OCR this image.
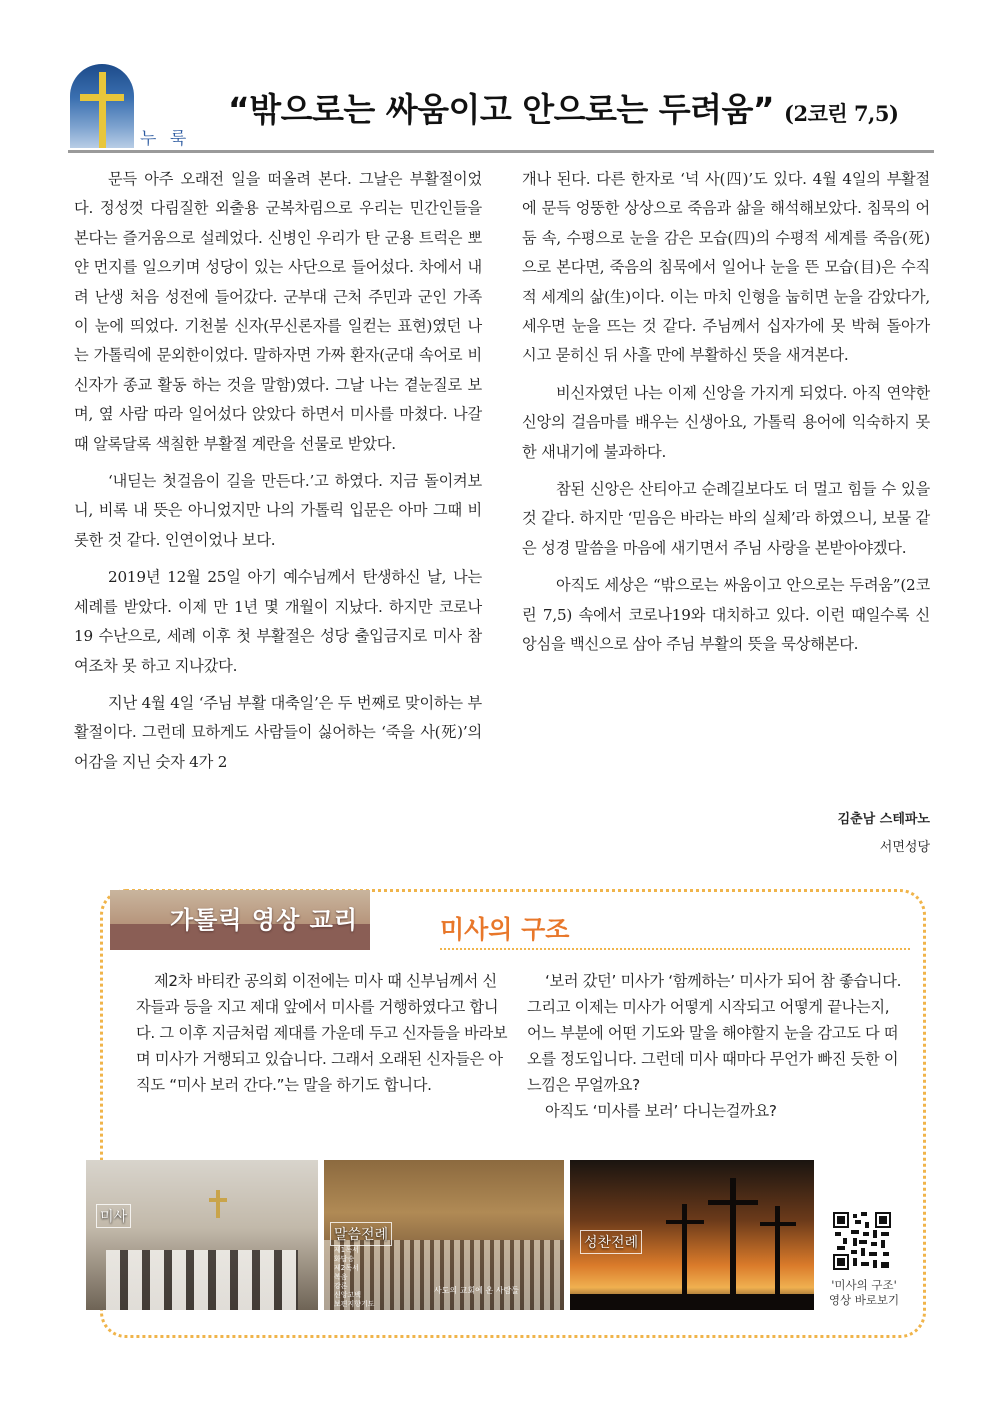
누 룩
“밖으로는 싸움이고 안으로는 두려움” (2코린 7,5)

문득 아주 오래전 일을 떠올려 본다. 그날은 부활절이었다. 정성껏 다림질한 외출용 군복차림으로 우리는 민간인들을 본다는 즐거움으로 설레었다. 신병인 우리가 탄 군용 트럭은 뽀얀 먼지를 일으키며 성당이 있는 사단으로 들어섰다. 차에서 내려 난생 처음 성전에 들어갔다. 군부대 근처 주민과 군인 가족이 눈에 띄었다. 기천불 신자(무신론자를 일컫는 표현)였던 나는 가톨릭에 문외한이었다. 말하자면 가짜 환자(군대 속어로 비신자가 종교 활동 하는 것을 말함)였다. 그날 나는 곁눈질로 보며, 옆 사람 따라 일어섰다 앉았다 하면서 미사를 마쳤다. 나갈 때 알록달록 색칠한 부활절 계란을 선물로 받았다.

‘내딛는 첫걸음이 길을 만든다.’고 하였다. 지금 돌이켜보니, 비록 내 뜻은 아니었지만 나의 가톨릭 입문은 아마 그때 비롯한 것 같다. 인연이었나 보다.

2019년 12월 25일 아기 예수님께서 탄생하신 날, 나는 세례를 받았다. 이제 만 1년 몇 개월이 지났다. 하지만 코로나19 수난으로, 세례 이후 첫 부활절은 성당 출입금지로 미사 참여조차 못 하고 지나갔다.

지난 4월 4일 ‘주님 부활 대축일’은 두 번째로 맞이하는 부활절이다. 그런데 묘하게도 사람들이 싫어하는 ‘죽을 사(死)’의 어감을 지닌 숫자 4가 2

개나 된다. 다른 한자로 ‘넉 사(四)’도 있다. 4월 4일의 부활절에 문득 엉뚱한 상상으로 죽음과 삶을 해석해보았다. 침묵의 어둠 속, 수평으로 눈을 감은 모습(四)의 수평적 세계를 죽음(死)으로 본다면, 죽음의 침묵에서 일어나 눈을 뜬 모습(目)은 수직적 세계의 삶(生)이다. 이는 마치 인형을 눕히면 눈을 감았다가, 세우면 눈을 뜨는 것 같다. 주님께서 십자가에 못 박혀 돌아가시고 묻히신 뒤 사흘 만에 부활하신 뜻을 새겨본다.

비신자였던 나는 이제 신앙을 가지게 되었다. 아직 연약한 신앙의 걸음마를 배우는 신생아요, 가톨릭 용어에 익숙하지 못한 새내기에 불과하다.

참된 신앙은 산티아고 순례길보다도 더 멀고 힘들 수 있을 것 같다. 하지만 ‘믿음은 바라는 바의 실체’라 하였으니, 보물 같은 성경 말씀을 마음에 새기면서 주님 사랑을 본받아야겠다.

아직도 세상은 “밖으로는 싸움이고 안으로는 두려움”(2코린 7,5) 속에서 코로나19와 대치하고 있다. 이런 때일수록 신앙심을 백신으로 삼아 주님 부활의 뜻을 묵상해본다.

김춘남 스테파노
서면성당
가톨릭 영상 교리	미사의 구조

제2차 바티칸 공의회 이전에는 미사 때 신부님께서 신자들과 등을 지고 제대 앞에서 미사를 거행하였다고 합니다. 그 이후 지금처럼 제대를 가운데 두고 신자들을 바라보며 미사가 거행되고 있습니다. 그래서 오래된 신자들은 아직도 “미사 보러 간다.”는 말을 하기도 합니다.

‘보러 갔던’ 미사가 ‘함께하는’ 미사가 되어 참 좋습니다. 그리고 이제는 미사가 어떻게 시작되고 어떻게 끝나는지, 어느 부분에 어떤 기도와 말을 해야할지 눈을 감고도 다 떠오를 정도입니다. 그런데 미사 때마다 무언가 빠진 듯한 이 느낌은 무얼까요?

아직도 ‘미사를 보러’ 다니는걸까요?

미사
말씀전례
제1독서
화답송
제2독서
복음
강론
신앙고백
보편지향기도
사도의 교회에 온 사람들
성찬전례
'미사의 구조'
영상 바로보기
